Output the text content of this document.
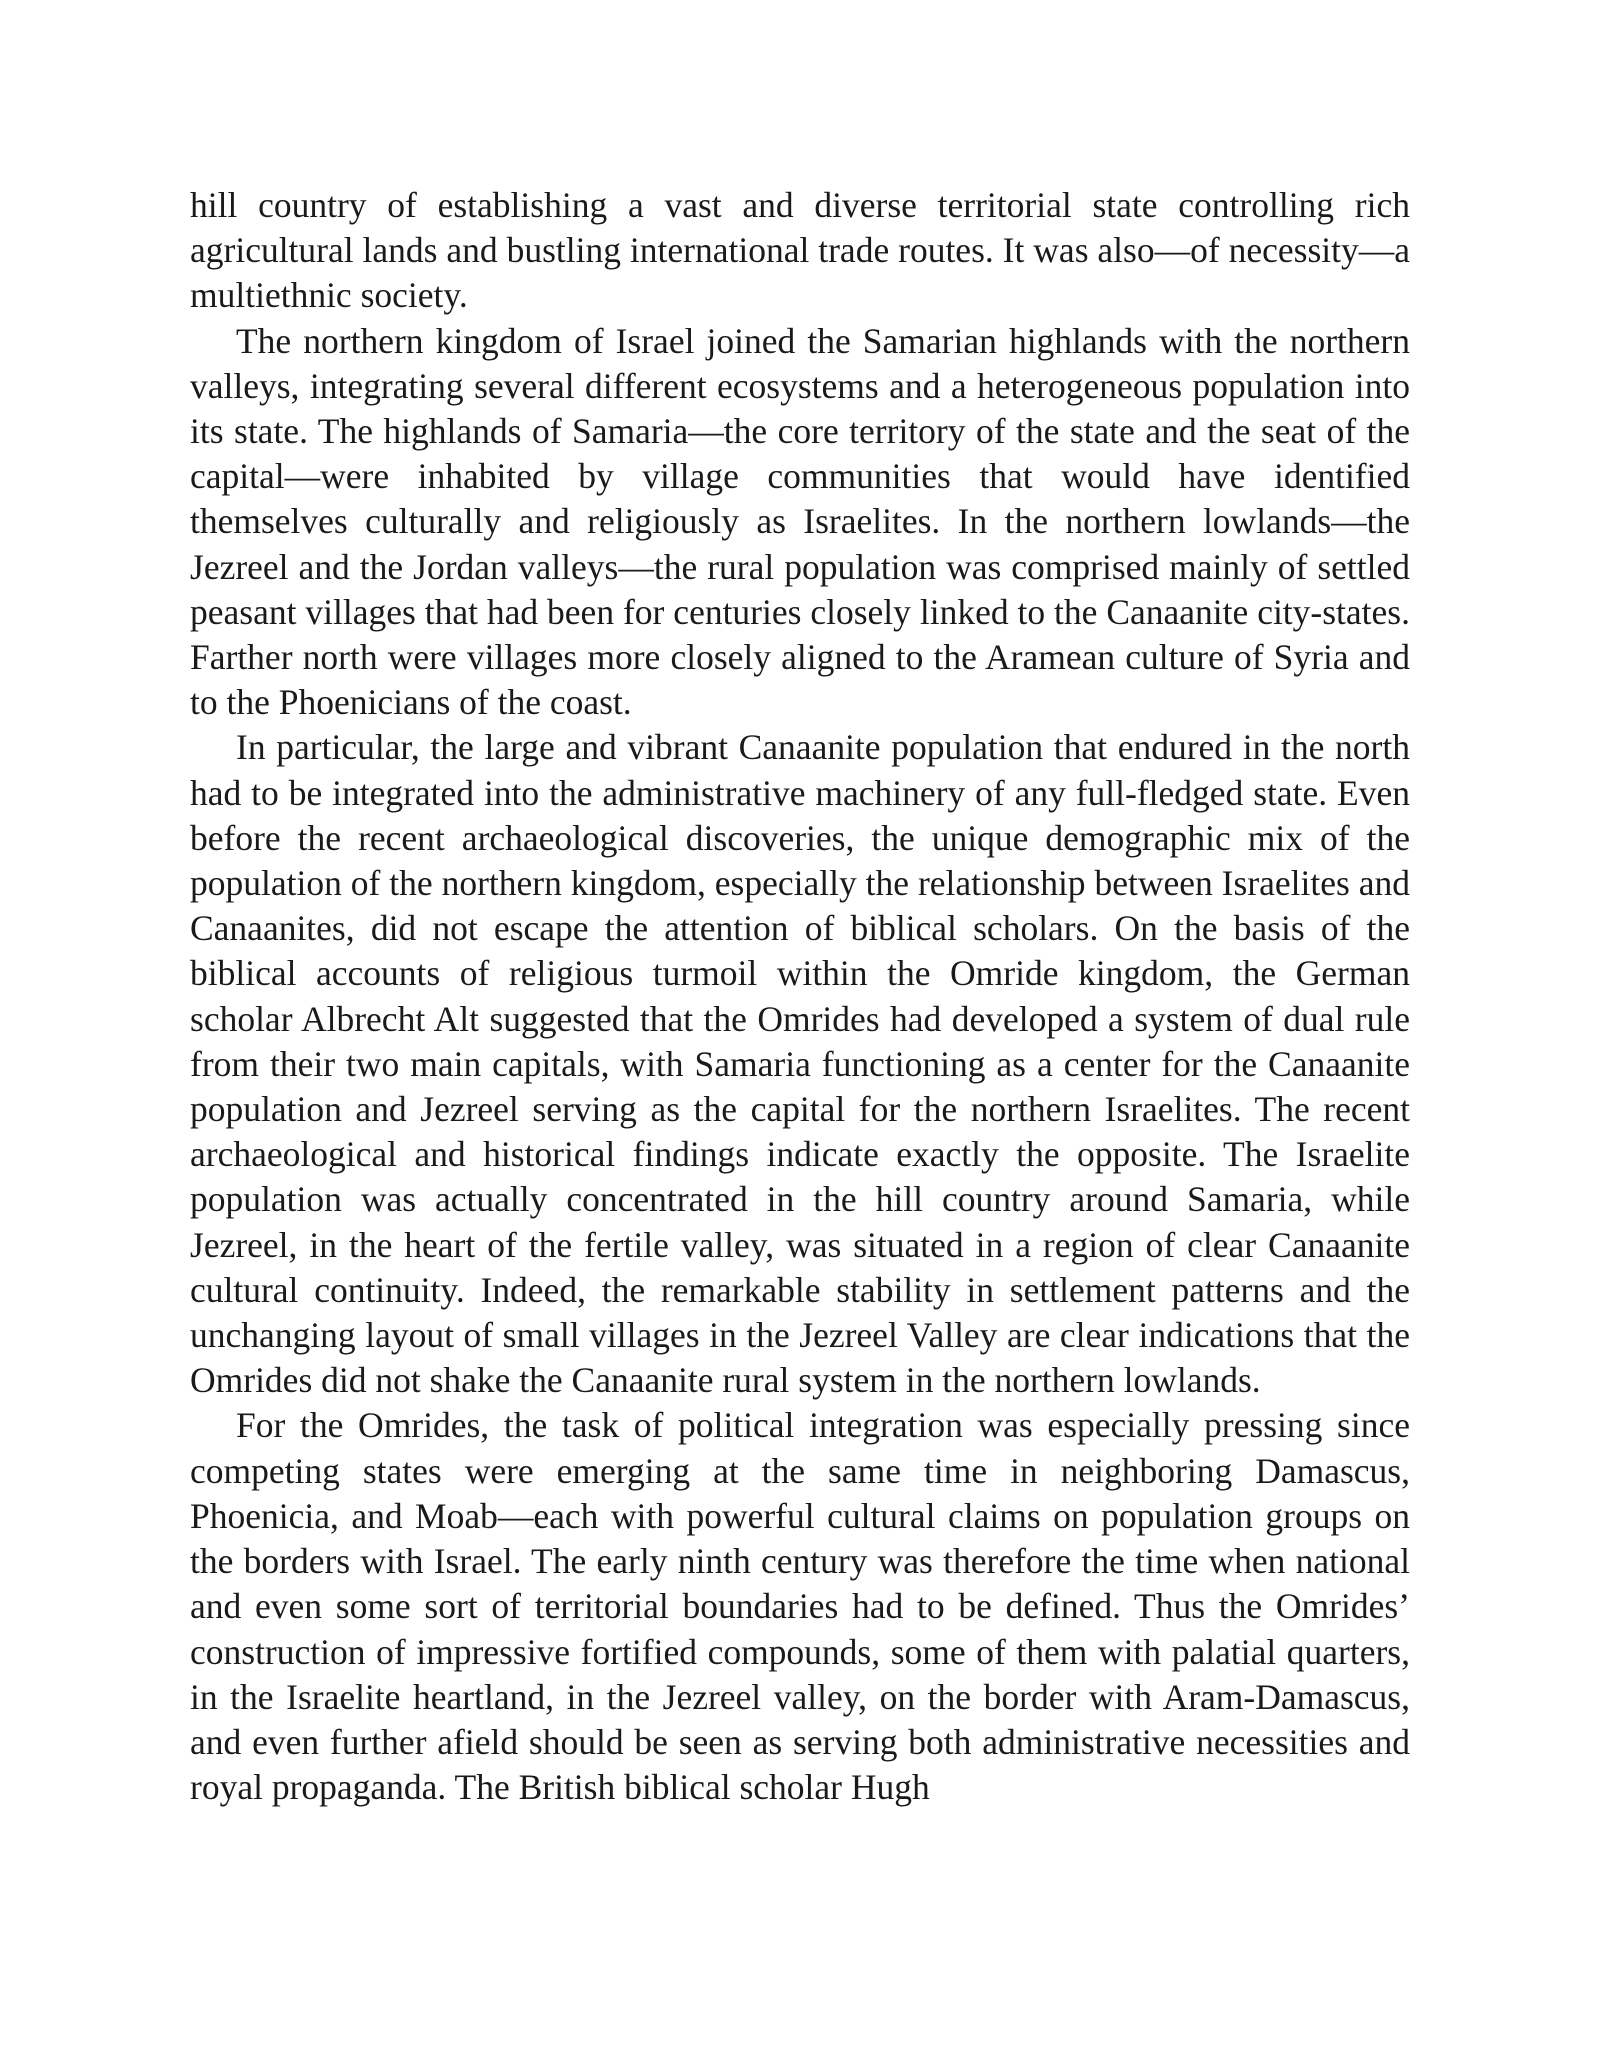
hill country of establishing a vast and diverse territorial state controlling rich agricultural lands and bustling international trade routes. It was also—of necessity—a multiethnic society.

The northern kingdom of Israel joined the Samarian highlands with the northern valleys, integrating several different ecosystems and a heterogeneous population into its state. The highlands of Samaria—the core territory of the state and the seat of the capital—were inhabited by village communities that would have identified themselves culturally and religiously as Israelites. In the northern lowlands—the Jezreel and the Jordan valleys—the rural population was comprised mainly of settled peasant villages that had been for centuries closely linked to the Canaanite city-states. Farther north were villages more closely aligned to the Aramean culture of Syria and to the Phoenicians of the coast.

In particular, the large and vibrant Canaanite population that endured in the north had to be integrated into the administrative machinery of any full-fledged state. Even before the recent archaeological discoveries, the unique demographic mix of the population of the northern kingdom, especially the relationship between Israelites and Canaanites, did not escape the attention of biblical scholars. On the basis of the biblical accounts of religious turmoil within the Omride kingdom, the German scholar Albrecht Alt suggested that the Omrides had developed a system of dual rule from their two main capitals, with Samaria functioning as a center for the Canaanite population and Jezreel serving as the capital for the northern Israelites. The recent archaeological and historical findings indicate exactly the opposite. The Israelite population was actually concentrated in the hill country around Samaria, while Jezreel, in the heart of the fertile valley, was situated in a region of clear Canaanite cultural continuity. Indeed, the remarkable stability in settlement patterns and the unchanging layout of small villages in the Jezreel Valley are clear indications that the Omrides did not shake the Canaanite rural system in the northern lowlands.

For the Omrides, the task of political integration was especially pressing since competing states were emerging at the same time in neighboring Damascus, Phoenicia, and Moab—each with powerful cultural claims on population groups on the borders with Israel. The early ninth century was therefore the time when national and even some sort of territorial boundaries had to be defined. Thus the Omrides’ construction of impressive fortified compounds, some of them with palatial quarters, in the Israelite heartland, in the Jezreel valley, on the border with Aram-Damascus, and even further afield should be seen as serving both administrative necessities and royal propaganda. The British biblical scholar Hugh
